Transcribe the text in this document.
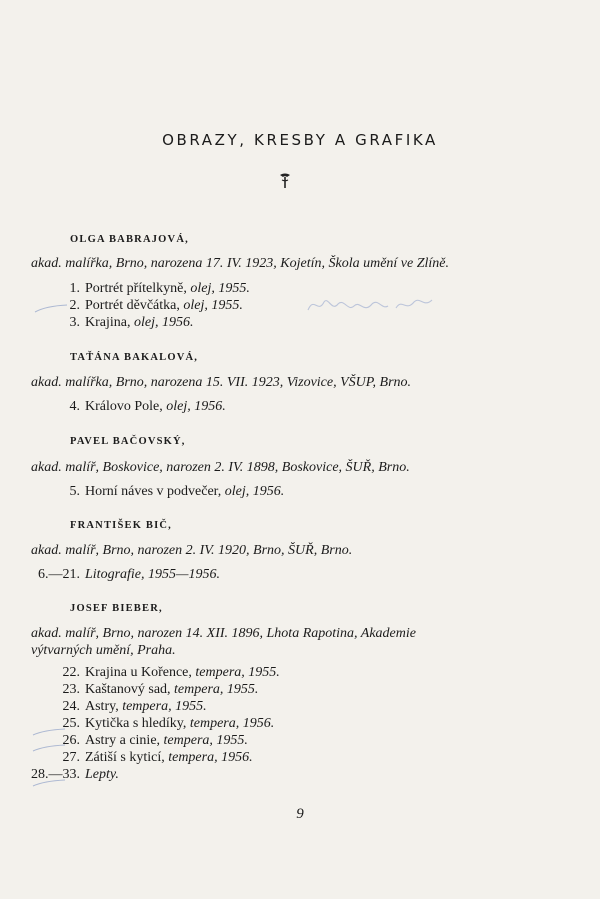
OBRAZY, KRESBY A GRAFIKA
OLGA BABRAJOVÁ,
akad. malířka, Brno, narozena 17. IV. 1923, Kojetín, Škola umění ve Zlíně.
1. Portrét přítelkyně, olej, 1955.
2. Portrét děvčátka, olej, 1955.
3. Krajina, olej, 1956.
TAŤÁNA BAKALOVÁ,
akad. malířka, Brno, narozena 15. VII. 1923, Vizovice, VŠUP, Brno.
4. Královo Pole, olej, 1956.
PAVEL BAČOVSKÝ,
akad. malíř, Boskovice, narozen 2. IV. 1898, Boskovice, ŠUŘ, Brno.
5. Horní náves v podvečer, olej, 1956.
FRANTIŠEK BIČ,
akad. malíř, Brno, narozen 2. IV. 1920, Brno, ŠUŘ, Brno.
6.—21. Litografie, 1955—1956.
JOSEF BIEBER,
akad. malíř, Brno, narozen 14. XII. 1896, Lhota Rapotina, Akademie
výtvarných umění, Praha.
22. Krajina u Kořence, tempera, 1955.
23. Kaštanový sad, tempera, 1955.
24. Astry, tempera, 1955.
25. Kytička s hledíky, tempera, 1956.
26. Astry a cinie, tempera, 1955.
27. Zátiší s kyticí, tempera, 1956.
28.—33. Lepty.
9
